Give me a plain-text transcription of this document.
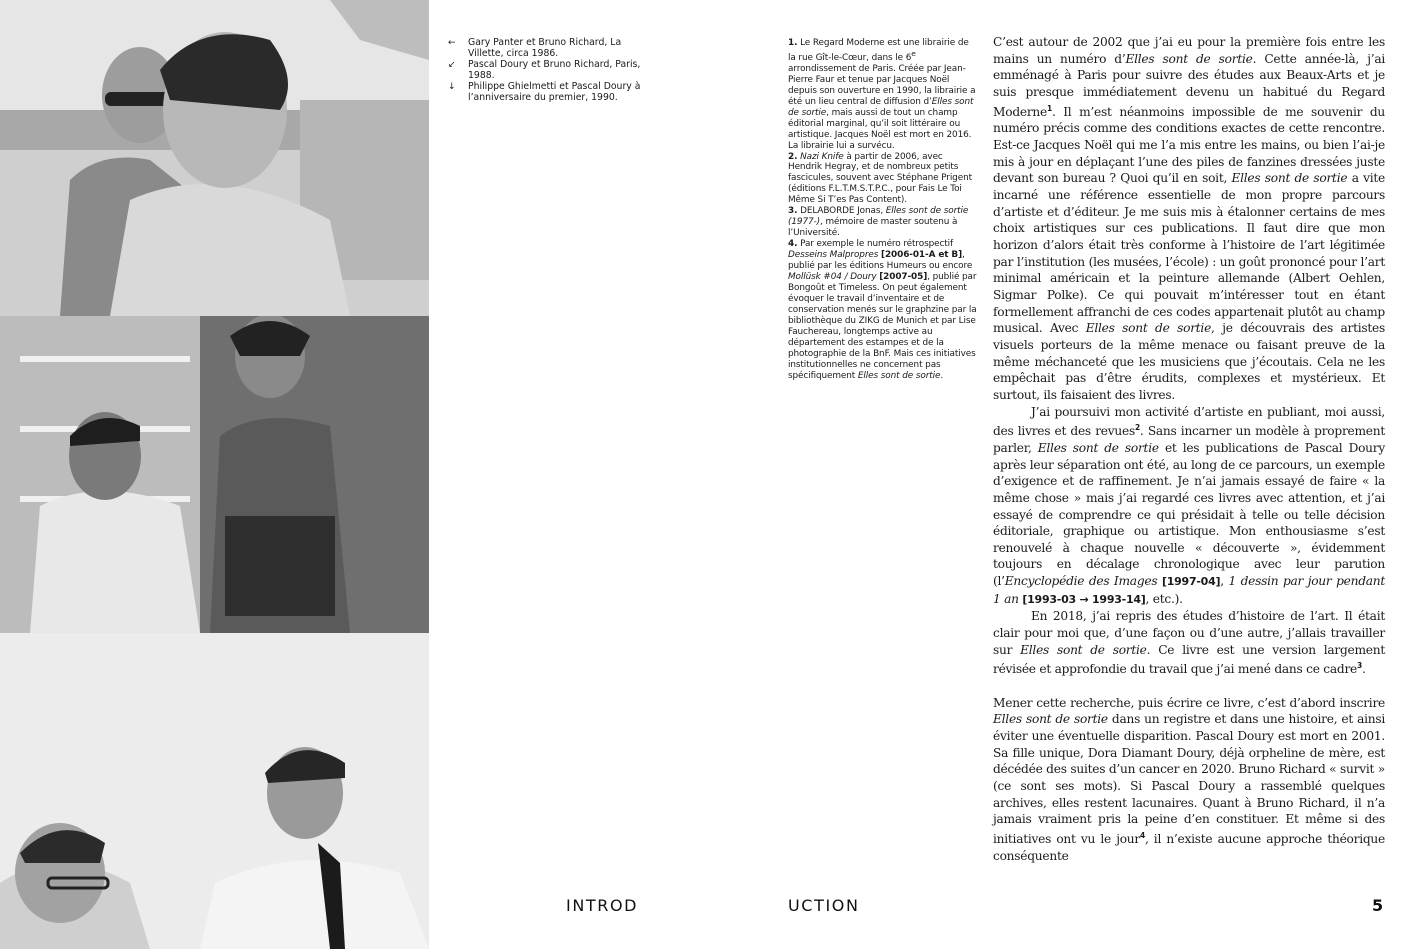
←	Gary Panter et Bruno Richard, La Villette, circa 1986.
↙	Pascal Doury et Bruno Richard, Paris, 1988.
↓	Philippe Ghielmetti et Pascal Doury à l’anniversaire du premier, 1990.

1. Le Regard Moderne est une librairie de la rue Gît-le-Cœur, dans le 6e arrondissement de Paris. Créée par Jean-Pierre Faur et tenue par Jacques Noël depuis son ouverture en 1990, la librairie a été un lieu central de diffusion d’Elles sont de sortie, mais aussi de tout un champ éditorial marginal, qu’il soit littéraire ou artistique. Jacques Noël est mort en 2016. La librairie lui a survécu.

2. Nazi Knife à partir de 2006, avec Hendrik Hegray, et de nombreux petits fascicules, souvent avec Stéphane Prigent (éditions F.L.T.M.S.T.P.C., pour Fais Le Toi Même Si T’es Pas Content).

3. DELABORDE Jonas, Elles sont de sortie (1977-), mémoire de master soutenu à l’Université.

4. Par exemple le numéro rétrospectif Desseins Malpropres [2006-01-A et B], publié par les éditions Humeurs ou encore Mollüsk #04 / Doury [2007-05], publié par Bongoût et Timeless. On peut également évoquer le travail d’inventaire et de conservation menés sur le graphzine par la bibliothèque du ZIKG de Munich et par Lise Fauchereau, longtemps active au département des estampes et de la photographie de la BnF. Mais ces initiatives institutionnelles ne concernent pas spécifiquement Elles sont de sortie.

C’est autour de 2002 que j’ai eu pour la première fois entre les mains un numéro d’Elles sont de sortie. Cette année-là, j’ai emménagé à Paris pour suivre des études aux Beaux-Arts et je suis presque immédiatement devenu un habitué du Regard Moderne$^1$. Il m’est néanmoins impossible de me souvenir du numéro précis comme des conditions exactes de cette rencontre. Est-ce Jacques Noël qui me l’a mis entre les mains, ou bien l’ai-je mis à jour en déplaçant l’une des piles de fanzines dressées juste devant son bureau ? Quoi qu’il en soit, Elles sont de sortie a vite incarné une référence essentielle de mon propre parcours d’artiste et d’éditeur. Je me suis mis à étalonner certains de mes choix artistiques sur ces publications. Il faut dire que mon horizon d’alors était très conforme à l’histoire de l’art légitimée par l’institution (les musées, l’école) : un goût prononcé pour l’art minimal américain et la peinture allemande (Albert Oehlen, Sigmar Polke). Ce qui pouvait m’intéresser tout en étant formellement affranchi de ces codes appartenait plutôt au champ musical. Avec Elles sont de sortie, je découvrais des artistes visuels porteurs de la même menace ou faisant preuve de la même méchanceté que les musiciens que j’écoutais. Cela ne les empêchait pas d’être érudits, complexes et mystérieux. Et surtout, ils faisaient des livres.

J’ai poursuivi mon activité d’artiste en publiant, moi aussi, des livres et des revues$^2$. Sans incarner un modèle à proprement parler, Elles sont de sortie et les publications de Pascal Doury après leur séparation ont été, au long de ce parcours, un exemple d’exigence et de raffinement. Je n’ai jamais essayé de faire « la même chose » mais j’ai regardé ces livres avec attention, et j’ai essayé de comprendre ce qui présidait à telle ou telle décision éditoriale, graphique ou artistique. Mon enthousiasme s’est renouvelé à chaque nouvelle « découverte », évidemment toujours en décalage chronologique avec leur parution (l’Encyclopédie des Images [1997-04], 1 dessin par jour pendant 1 an [1993-03 → 1993-14], etc.).

En 2018, j’ai repris des études d’histoire de l’art. Il était clair pour moi que, d’une façon ou d’une autre, j’allais travailler sur Elles sont de sortie. Ce livre est une version largement révisée et approfondie du travail que j’ai mené dans ce cadre$^3$.

Mener cette recherche, puis écrire ce livre, c’est d’abord inscrire Elles sont de sortie dans un registre et dans une histoire, et ainsi éviter une éventuelle disparition. Pascal Doury est mort en 2001. Sa fille unique, Dora Diamant Doury, déjà orpheline de mère, est décédée des suites d’un cancer en 2020. Bruno Richard « survit » (ce sont ses mots). Si Pascal Doury a rassemblé quelques archives, elles restent lacunaires. Quant à Bruno Richard, il n’a jamais vraiment pris la peine d’en constituer. Et même si des initiatives ont vu le jour$^4$, il n’existe aucune approche théorique conséquente

INTROD	UCTION	5
